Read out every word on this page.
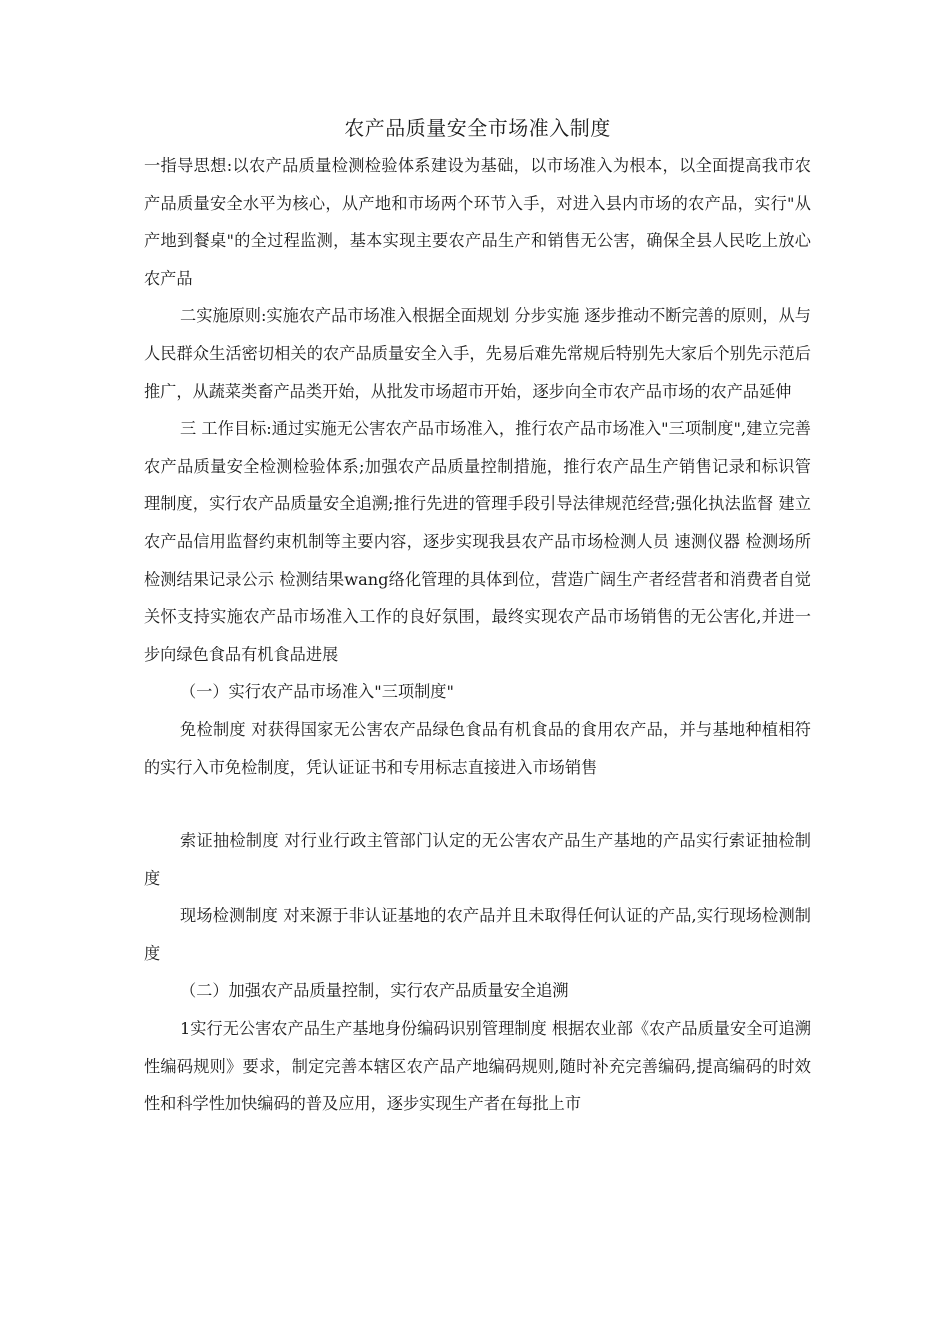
农产品质量安全市场准入制度

一指导思想:以农产品质量检测检验体系建设为基础，以市场准入为根本，以全面提高我市农产品质量安全水平为核心，从产地和市场两个环节入手，对进入县内市场的农产品，实行"从产地到餐桌"的全过程监测，基本实现主要农产品生产和销售无公害，确保全县人民吃上放心农产品

二实施原则:实施农产品市场准入根据全面规划 分步实施 逐步推动不断完善的原则，从与人民群众生活密切相关的农产品质量安全入手，先易后难先常规后特别先大家后个别先示范后推广，从蔬菜类畜产品类开始，从批发市场超市开始，逐步向全市农产品市场的农产品延伸

三 工作目标:通过实施无公害农产品市场准入，推行农产品市场准入"三项制度",建立完善农产品质量安全检测检验体系;加强农产品质量控制措施，推行农产品生产销售记录和标识管理制度，实行农产品质量安全追溯;推行先进的管理手段引导法律规范经营;强化执法监督 建立农产品信用监督约束机制等主要内容，逐步实现我县农产品市场检测人员 速测仪器 检测场所 检测结果记录公示 检测结果wang络化管理的具体到位，营造广阔生产者经营者和消费者自觉关怀支持实施农产品市场准入工作的良好氛围，最终实现农产品市场销售的无公害化,并进一步向绿色食品有机食品进展

（一）实行农产品市场准入"三项制度"

免检制度 对获得国家无公害农产品绿色食品有机食品的食用农产品，并与基地种植相符的实行入市免检制度，凭认证证书和专用标志直接进入市场销售

索证抽检制度 对行业行政主管部门认定的无公害农产品生产基地的产品实行索证抽检制度

现场检测制度 对来源于非认证基地的农产品并且未取得任何认证的产品,实行现场检测制度

（二）加强农产品质量控制，实行农产品质量安全追溯

1实行无公害农产品生产基地身份编码识别管理制度 根据农业部《农产品质量安全可追溯性编码规则》要求，制定完善本辖区农产品产地编码规则,随时补充完善编码,提高编码的时效性和科学性加快编码的普及应用，逐步实现生产者在每批上市
